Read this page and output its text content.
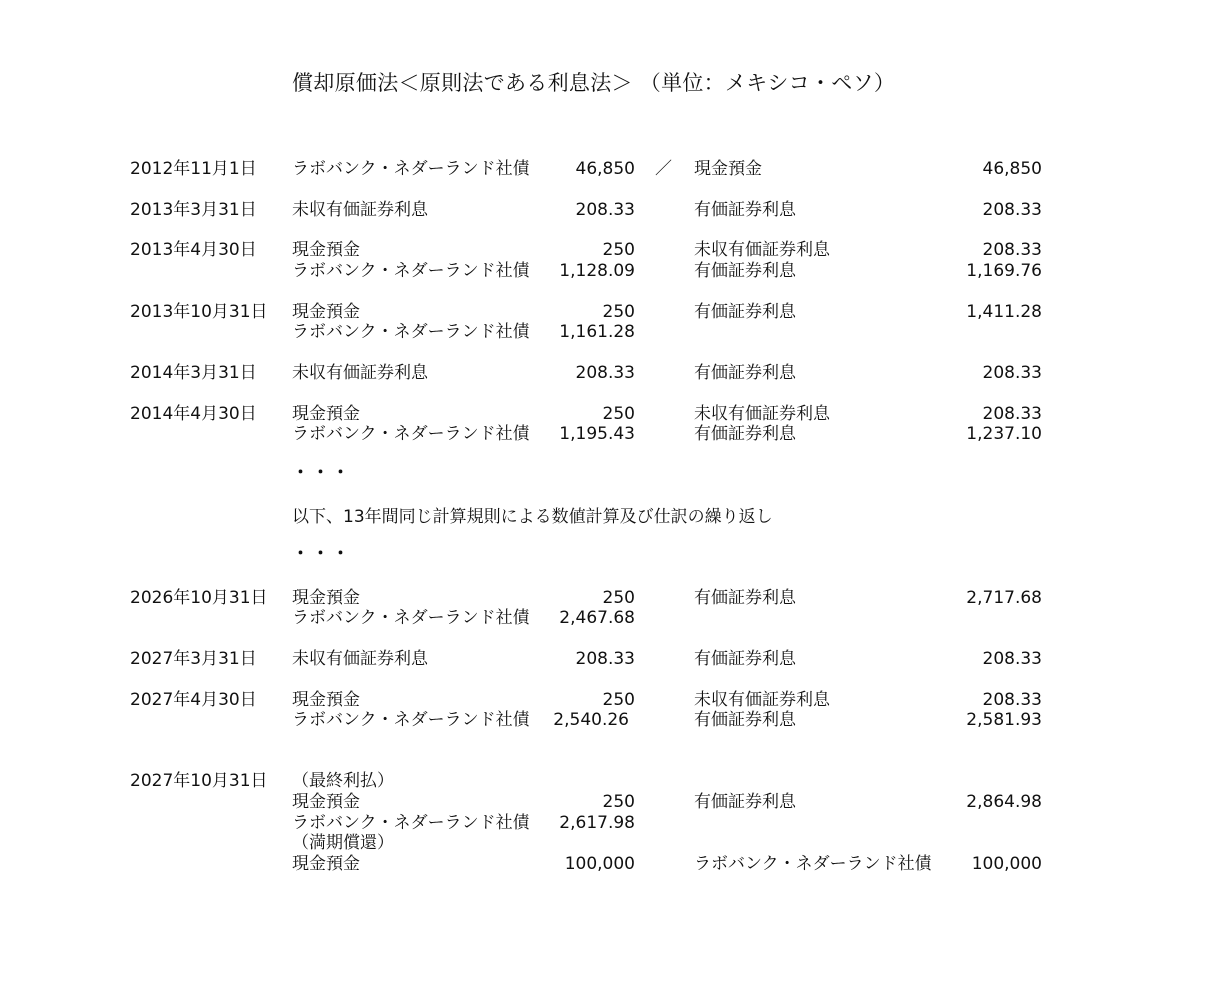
償却原価法＜原則法である利息法＞ （単位：メキシコ・ペソ）
2012年11月1日 ラボバンク・ネダーランド社債	46,850 ／ 現金預金	46,850
2013年3月31日 未収有価証券利息	208.33	有価証券利息	208.33
2013年4月30日 現金預金	250	未収有価証券利息	208.33
ラボバンク・ネダーランド社債	1,128.09	有価証券利息	1,169.76
2013年10月31日 現金預金	250	有価証券利息	1,411.28
ラボバンク・ネダーランド社債	1,161.28
2014年3月31日 未収有価証券利息	208.33	有価証券利息	208.33
2014年4月30日 現金預金	250	未収有価証券利息	208.33
ラボバンク・ネダーランド社債	1,195.43	有価証券利息	1,237.10
・・・
以下、13年間同じ計算規則による数値計算及び仕訳の繰り返し
・・・
2026年10月31日 現金預金	250	有価証券利息	2,717.68
ラボバンク・ネダーランド社債	2,467.68
2027年3月31日 未収有価証券利息	208.33	有価証券利息	208.33
2027年4月30日 現金預金	250	未収有価証券利息	208.33
ラボバンク・ネダーランド社債	2,540.26	有価証券利息	2,581.93
2027年10月31日 （最終利払）
現金預金	250	有価証券利息	2,864.98
ラボバンク・ネダーランド社債	2,617.98
（満期償還）
現金預金	100,000	ラボバンク・ネダーランド社債	100,000
